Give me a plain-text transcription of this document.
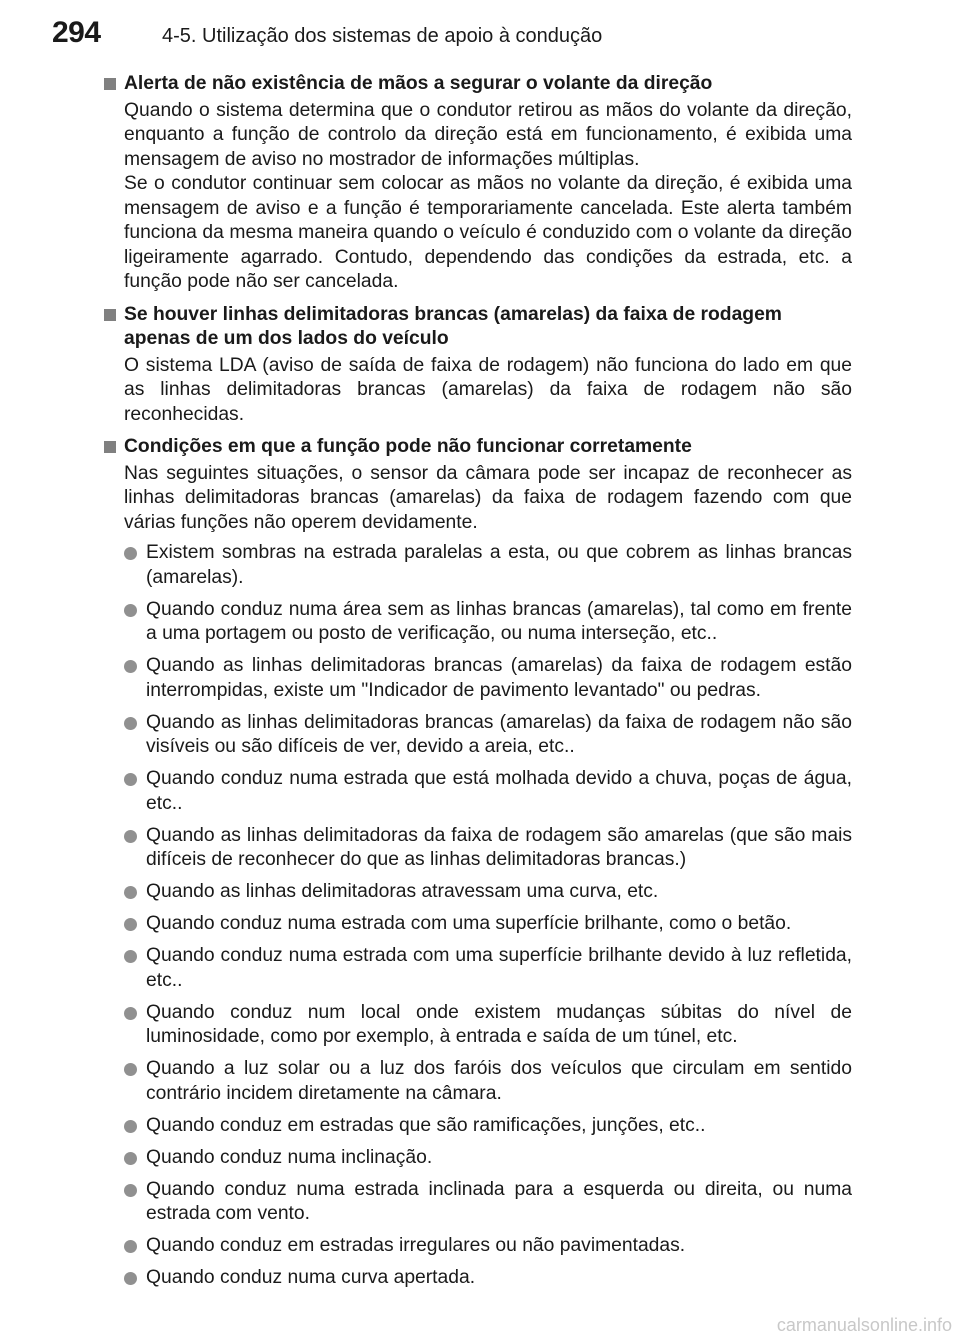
294	4-5. Utilização dos sistemas de apoio à condução
Alerta de não existência de mãos a segurar o volante da direção
Quando o sistema determina que o condutor retirou as mãos do volante da direção, enquanto a função de controlo da direção está em funcionamento, é exibida uma mensagem de aviso no mostrador de informações múltiplas.
Se o condutor continuar sem colocar as mãos no volante da direção, é exibida uma mensagem de aviso e a função é temporariamente cancelada. Este alerta também funciona da mesma maneira quando o veículo é conduzido com o volante da direção ligeiramente agarrado. Contudo, dependendo das condições da estrada, etc. a função pode não ser cancelada.
Se houver linhas delimitadoras brancas (amarelas) da faixa de rodagem apenas de um dos lados do veículo
O sistema LDA (aviso de saída de faixa de rodagem) não funciona do lado em que as linhas delimitadoras brancas (amarelas) da faixa de rodagem não são reconhecidas.
Condições em que a função pode não funcionar corretamente
Nas seguintes situações, o sensor da câmara pode ser incapaz de reconhecer as linhas delimitadoras brancas (amarelas) da faixa de rodagem fazendo com que várias funções não operem devidamente.
Existem sombras na estrada paralelas a esta, ou que cobrem as linhas brancas (amarelas).
Quando conduz numa área sem as linhas brancas (amarelas), tal como em frente a uma portagem ou posto de verificação, ou numa interseção, etc..
Quando as linhas delimitadoras brancas (amarelas) da faixa de rodagem estão interrompidas, existe um "Indicador de pavimento levantado" ou pedras.
Quando as linhas delimitadoras brancas (amarelas) da faixa de rodagem não são visíveis ou são difíceis de ver, devido a areia, etc..
Quando conduz numa estrada que está molhada devido a chuva, poças de água, etc..
Quando as linhas delimitadoras da faixa de rodagem são amarelas (que são mais difíceis de reconhecer do que as linhas delimitadoras brancas.)
Quando as linhas delimitadoras atravessam uma curva, etc.
Quando conduz numa estrada com uma superfície brilhante, como o betão.
Quando conduz numa estrada com uma superfície brilhante devido à luz refletida, etc..
Quando conduz num local onde existem mudanças súbitas do nível de luminosidade, como por exemplo, à entrada e saída de um túnel, etc.
Quando a luz solar ou a luz dos faróis dos veículos que circulam em sentido contrário incidem diretamente na câmara.
Quando conduz em estradas que são ramificações, junções, etc..
Quando conduz numa inclinação.
Quando conduz numa estrada inclinada para a esquerda ou direita, ou numa estrada com vento.
Quando conduz em estradas irregulares ou não pavimentadas.
Quando conduz numa curva apertada.
carmanualsonline.info
